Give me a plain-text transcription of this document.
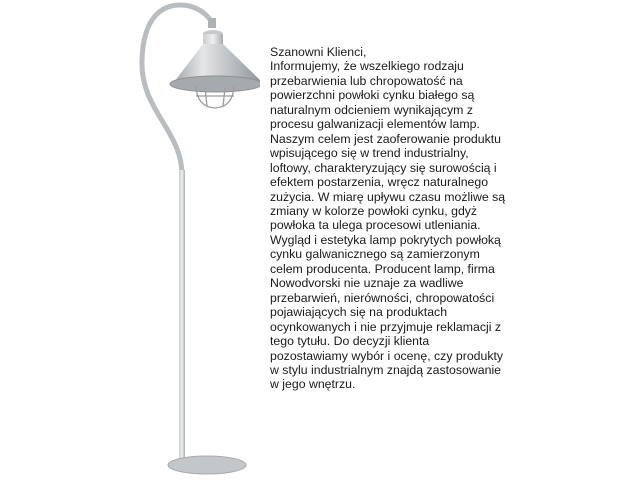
Szanowni Klienci,
Informujemy, że wszelkiego rodzaju
przebarwienia lub chropowatość na
powierzchni powłoki cynku białego są
naturalnym odcieniem wynikającym z
procesu galwanizacji elementów lamp.
Naszym celem jest zaoferowanie produktu
wpisującego się w trend industrialny,
loftowy, charakteryzujący się surowością i
efektem postarzenia, wręcz naturalnego
zużycia. W miarę upływu czasu możliwe są
zmiany w kolorze powłoki cynku, gdyż
powłoka ta ulega procesowi utleniania.
Wygląd i estetyka lamp pokrytych powłoką
cynku galwanicznego są zamierzonym
celem producenta. Producent lamp, firma
Nowodvorski nie uznaje za wadliwe
przebarwień, nierówności, chropowatości
pojawiających się na produktach
ocynkowanych i nie przyjmuje reklamacji z
tego tytułu. Do decyzji klienta
pozostawiamy wybór i ocenę, czy produkty
w stylu industrialnym znajdą zastosowanie
w jego wnętrzu.
